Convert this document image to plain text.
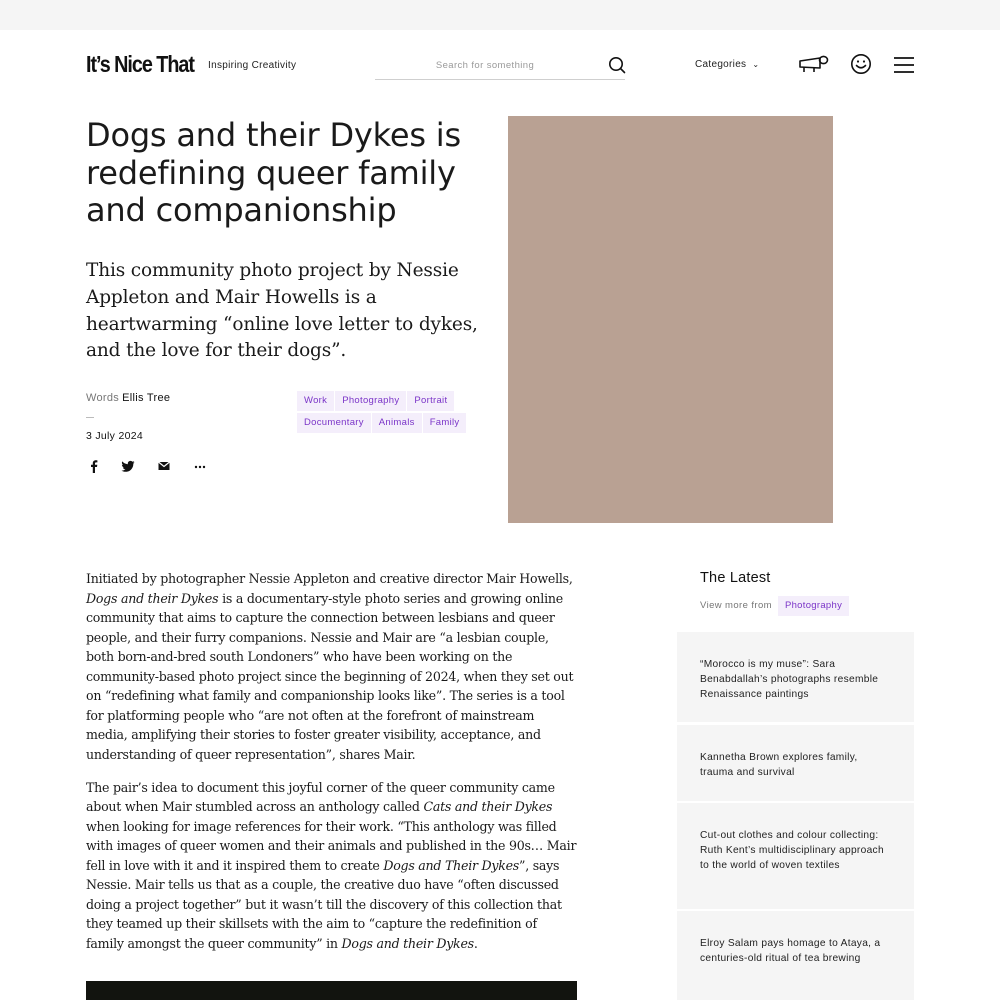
It’s Nice That Inspiring Creativity
Search for something	Categories ⌄
Dogs and their Dykes is redefining queer family and companionship

This community photo project by Nessie Appleton and Mair Howells is a heartwarming “online love letter to dykes, and the love for their dogs”.

Words Ellis Tree
3 July 2024
Work Photography Portrait
Documentary Animals Family

Initiated by photographer Nessie Appleton and creative director Mair Howells, Dogs and their Dykes is a documentary-style photo series and growing online community that aims to capture the connection between lesbians and queer people, and their furry companions. Nessie and Mair are “a lesbian couple, both born-and-bred south Londoners” who have been working on the community-based photo project since the beginning of 2024, when they set out on “redefining what family and companionship looks like”. The series is a tool for platforming people who “are not often at the forefront of mainstream media, amplifying their stories to foster greater visibility, acceptance, and understanding of queer representation”, shares Mair.

The pair’s idea to document this joyful corner of the queer community came about when Mair stumbled across an anthology called Cats and their Dykes when looking for image references for their work. “This anthology was filled with images of queer women and their animals and published in the 90s… Mair fell in love with it and it inspired them to create Dogs and Their Dykes”, says Nessie. Mair tells us that as a couple, the creative duo have “often discussed doing a project together” but it wasn’t till the discovery of this collection that they teamed up their skillsets with the aim to “capture the redefinition of family amongst the queer community” in Dogs and their Dykes.

The Latest
View more from Photography
“Morocco is my muse”: Sara Benabdallah’s photographs resemble Renaissance paintings
Kannetha Brown explores family, trauma and survival
Cut-out clothes and colour collecting: Ruth Kent’s multidisciplinary approach to the world of woven textiles
Elroy Salam pays homage to Ataya, a centuries-old ritual of tea brewing
